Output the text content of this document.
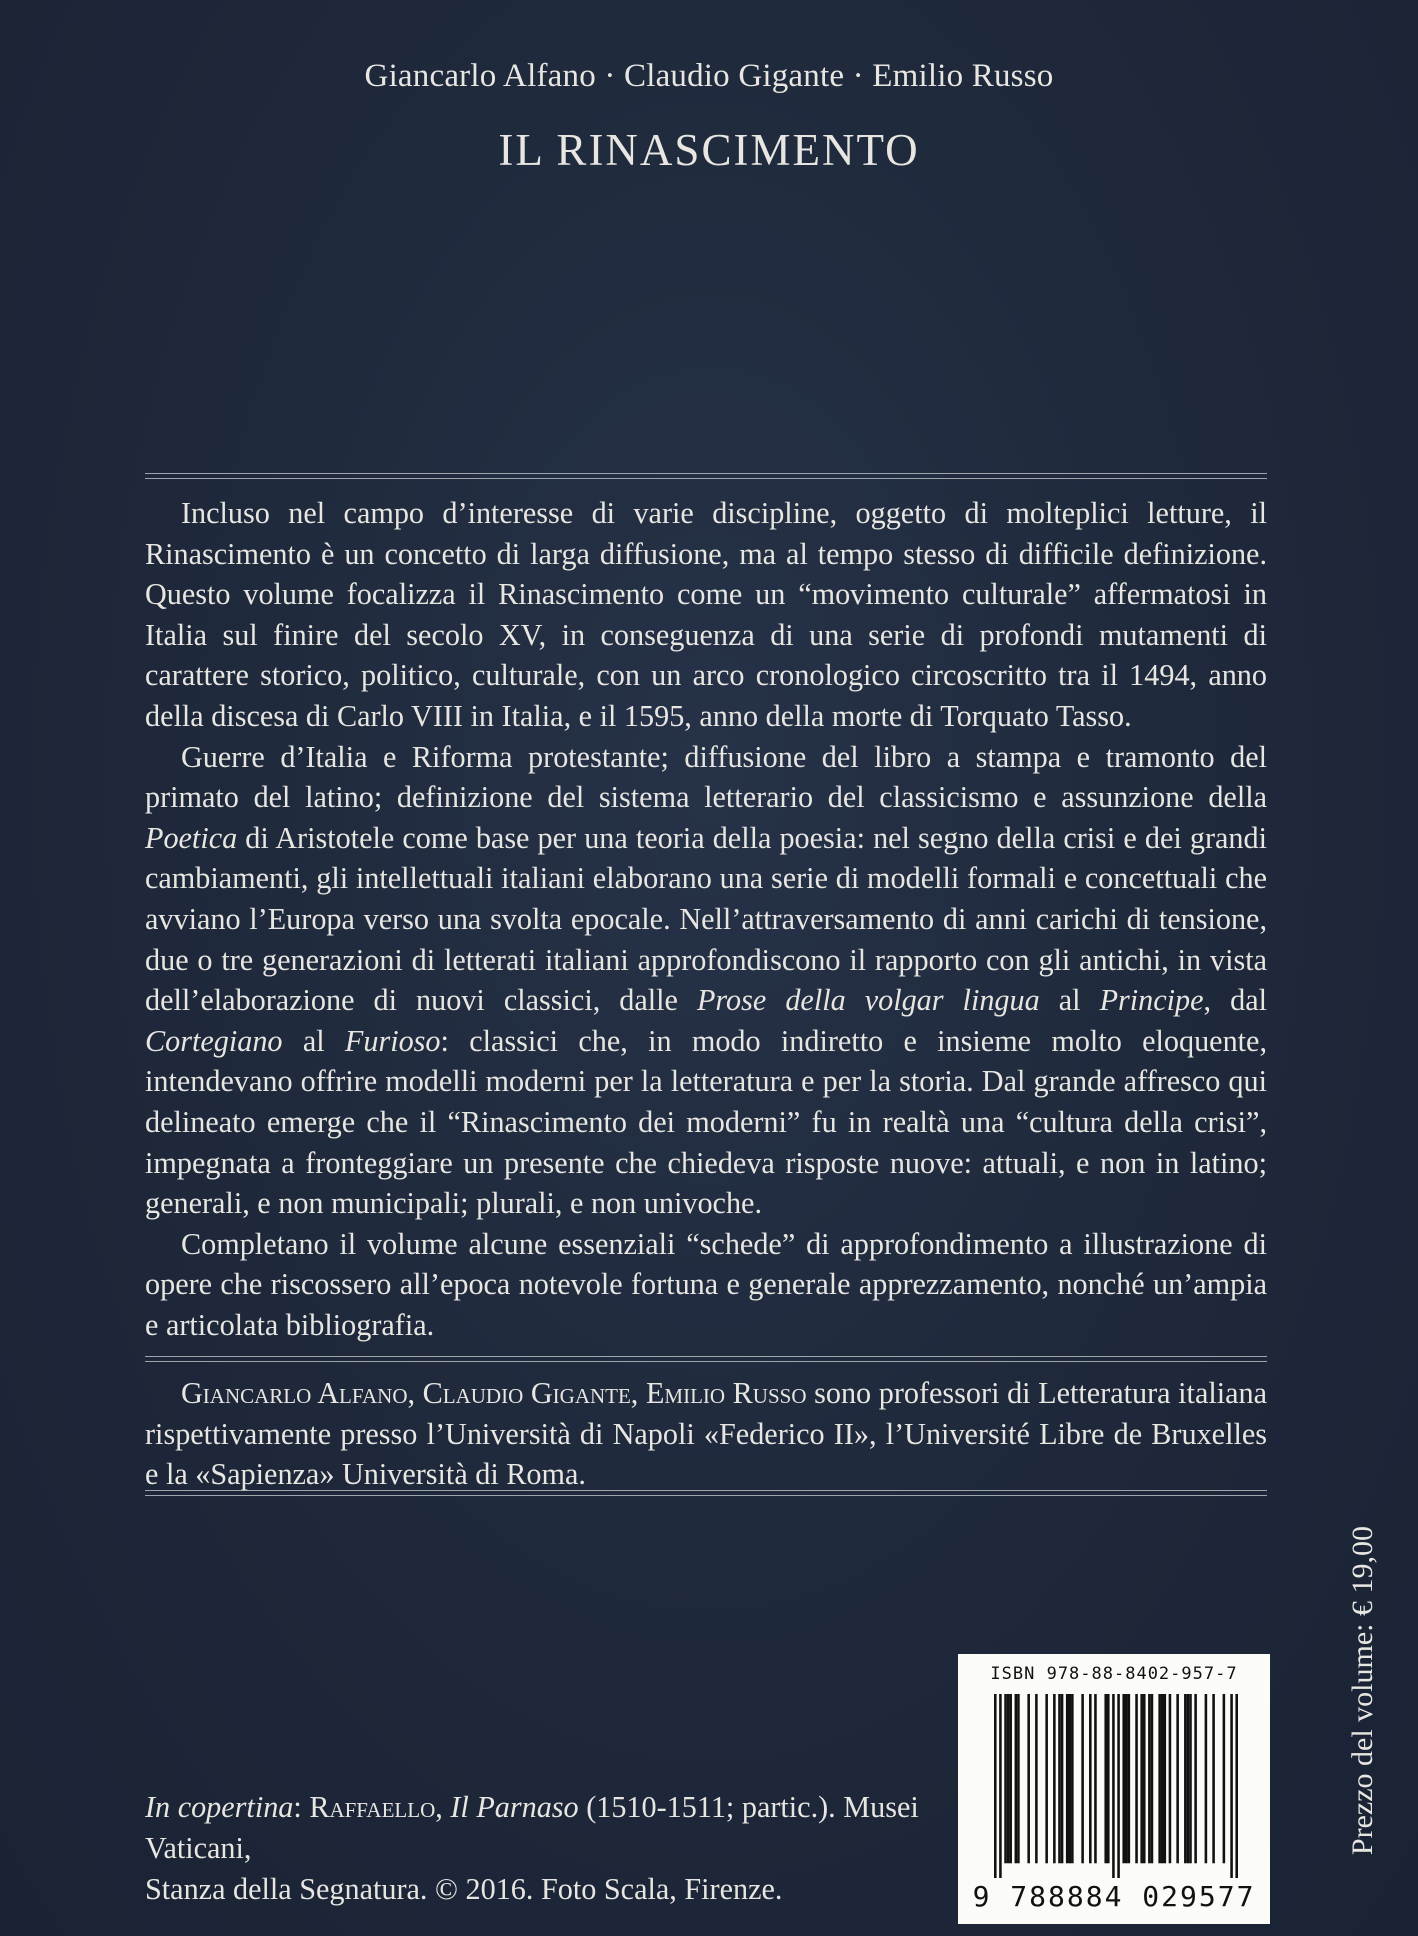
Giancarlo Alfano · Claudio Gigante · Emilio Russo
IL RINASCIMENTO

Incluso nel campo d’interesse di varie discipline, oggetto di molteplici letture, il Rinascimento è un concetto di larga diffusione, ma al tempo stesso di difficile definizione. Questo volume focalizza il Rinascimento come un “movimento culturale” affermatosi in Italia sul finire del secolo XV, in conseguenza di una serie di profondi mutamenti di carattere storico, politico, culturale, con un arco cronologico circoscritto tra il 1494, anno della discesa di Carlo VIII in Italia, e il 1595, anno della morte di Torquato Tasso.

Guerre d’Italia e Riforma protestante; diffusione del libro a stampa e tramonto del primato del latino; definizione del sistema letterario del classicismo e assunzione della Poetica di Aristotele come base per una teoria della poesia: nel segno della crisi e dei grandi cambiamenti, gli intellettuali italiani elaborano una serie di modelli formali e concettuali che avviano l’Europa verso una svolta epocale. Nell’attraversamento di anni carichi di tensione, due o tre generazioni di letterati italiani approfondiscono il rapporto con gli antichi, in vista dell’elaborazione di nuovi classici, dalle Prose della volgar lingua al Principe, dal Cortegiano al Furioso: classici che, in modo indiretto e insieme molto eloquente, intendevano offrire modelli moderni per la letteratura e per la storia. Dal grande affresco qui delineato emerge che il “Rinascimento dei moderni” fu in realtà una “cultura della crisi”, impegnata a fronteggiare un presente che chiedeva risposte nuove: attuali, e non in latino; generali, e non municipali; plurali, e non univoche.

Completano il volume alcune essenziali “schede” di approfondimento a illustrazione di opere che riscossero all’epoca notevole fortuna e generale apprezzamento, nonché un’ampia e articolata bibliografia.

Giancarlo Alfano, Claudio Gigante, Emilio Russo sono professori di Letteratura italiana rispettivamente presso l’Università di Napoli «Federico II», l’Université Libre de Bruxelles e la «Sapienza» Università di Roma.

In copertina: Raffaello, Il Parnaso (1510-1511; partic.). Musei Vaticani,
Stanza della Segnatura. © 2016. Foto Scala, Firenze.
Prezzo del volume: € 19,00
ISBN 978-88-8402-957-7
9 788884 029577
